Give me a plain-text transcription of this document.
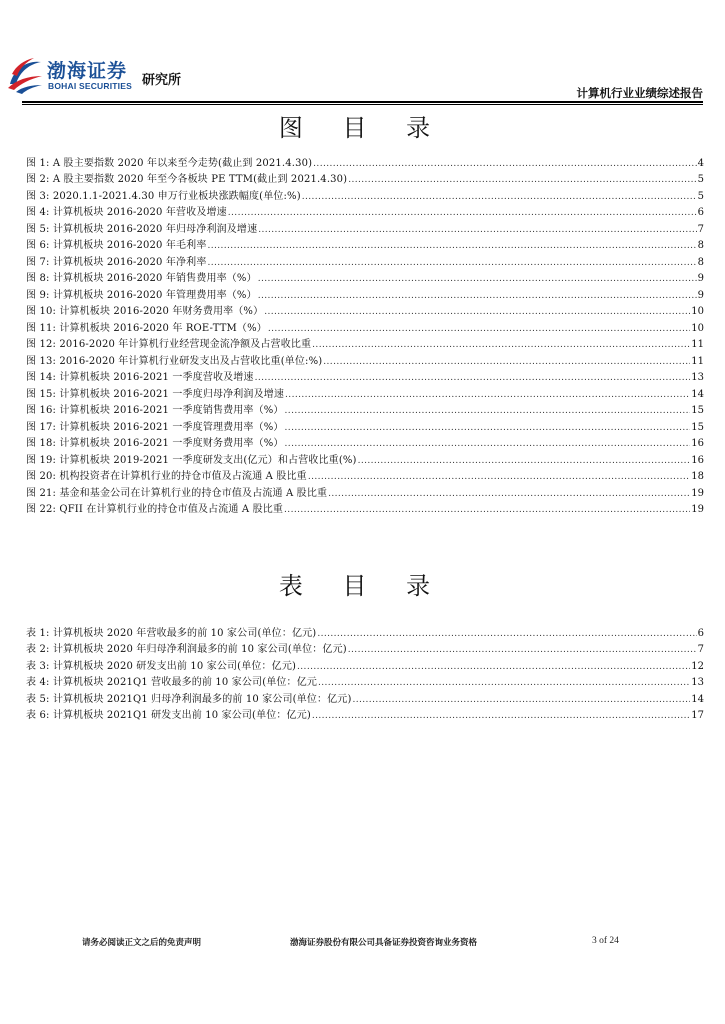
渤海证券
BOHAI SECURITIES 研究所
计算机行业业绩综述报告
图 目 录
图 1: A 股主要指数 2020 年以来至今走势(截止到 2021.4.30) .....	4
图 2: A 股主要指数 2020 年至今各板块 PE TTM(截止到 2021.4.30) .....	5
图 3: 2020.1.1-2021.4.30 申万行业板块涨跌幅度(单位:%) .....	5
图 4: 计算机板块 2016-2020 年营收及增速 .....	6
图 5: 计算机板块 2016-2020 年归母净利润及增速 .....	7
图 6: 计算机板块 2016-2020 年毛利率 .....	8
图 7: 计算机板块 2016-2020 年净利率 .....	8
图 8: 计算机板块 2016-2020 年销售费用率（%） .....	9
图 9: 计算机板块 2016-2020 年管理费用率（%） .....	9
图 10: 计算机板块 2016-2020 年财务费用率（%） .....	10
图 11: 计算机板块 2016-2020 年 ROE-TTM（%） .....	10
图 12: 2016-2020 年计算机行业经营现金流净额及占营收比重 .....	11
图 13: 2016-2020 年计算机行业研发支出及占营收比重(单位:%) .....	11
图 14: 计算机板块 2016-2021 一季度营收及增速 .....	13
图 15: 计算机板块 2016-2021 一季度归母净利润及增速 .....	14
图 16: 计算机板块 2016-2021 一季度销售费用率（%） .....	15
图 17: 计算机板块 2016-2021 一季度管理费用率（%） .....	15
图 18: 计算机板块 2016-2021 一季度财务费用率（%） .....	16
图 19: 计算机板块 2019-2021 一季度研发支出(亿元）和占营收比重(%) .....	16
图 20: 机构投资者在计算机行业的持仓市值及占流通 A 股比重 .....	18
图 21: 基金和基金公司在计算机行业的持仓市值及占流通 A 股比重 .....	19
图 22: QFII 在计算机行业的持仓市值及占流通 A 股比重 .....	19
表 目 录
表 1: 计算机板块 2020 年营收最多的前 10 家公司(单位：亿元) .....	6
表 2: 计算机板块 2020 年归母净利润最多的前 10 家公司(单位：亿元) .....	7
表 3: 计算机板块 2020 研发支出前 10 家公司(单位：亿元) .....	12
表 4: 计算机板块 2021Q1 营收最多的前 10 家公司(单位：亿元 .....	13
表 5: 计算机板块 2021Q1 归母净利润最多的前 10 家公司(单位：亿元) .....	14
表 6: 计算机板块 2021Q1 研发支出前 10 家公司(单位：亿元) .....	17
请务必阅读正文之后的免责声明	渤海证券股份有限公司具备证券投资咨询业务资格	3 of 24
